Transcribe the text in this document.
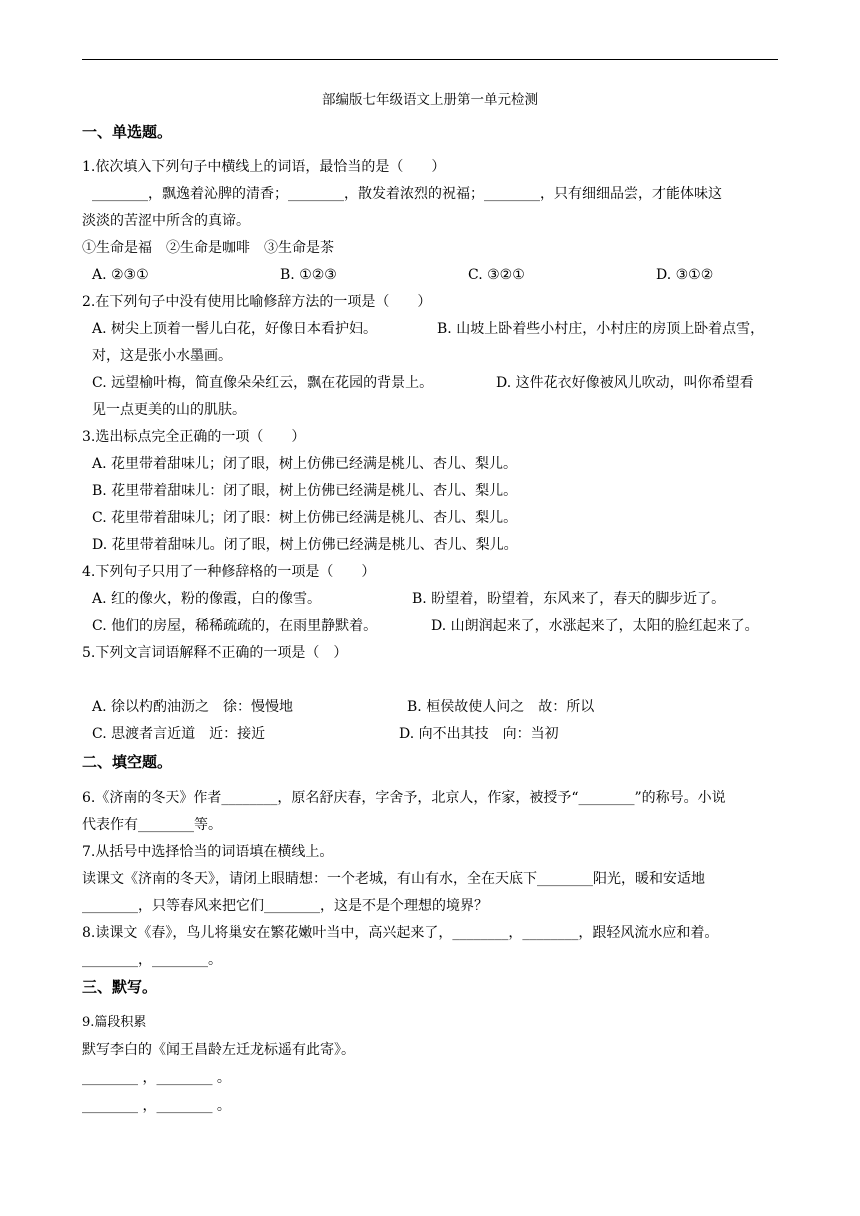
部编版七年级语文上册第一单元检测
一、单选题。
1.依次填入下列句子中横线上的词语，最恰当的是（　　）
________，飘逸着沁脾的清香；________，散发着浓烈的祝福；________，只有细细品尝，才能体味这
淡淡的苦涩中所含的真谛。
①生命是福　②生命是咖啡　③生命是茶
A. ②③①	B. ①②③	C. ③②①	D. ③①②
2.在下列句子中没有使用比喻修辞方法的一项是（　　）
A. 树尖上顶着一髻儿白花，好像日本看护妇。	B. 山坡上卧着些小村庄，小村庄的房顶上卧着点雪，
对，这是张小水墨画。
C. 远望榆叶梅，简直像朵朵红云，飘在花园的背景上。	D. 这件花衣好像被风儿吹动，叫你希望看
见一点更美的山的肌肤。
3.选出标点完全正确的一项（　　）
A. 花里带着甜味儿；闭了眼，树上仿佛已经满是桃儿、杏儿、梨儿。
B. 花里带着甜味儿：闭了眼，树上仿佛已经满是桃儿、杏儿、梨儿。
C. 花里带着甜味儿；闭了眼：树上仿佛已经满是桃儿、杏儿、梨儿。
D. 花里带着甜味儿。闭了眼，树上仿佛已经满是桃儿、杏儿、梨儿。
4.下列句子只用了一种修辞格的一项是（　　）
A. 红的像火，粉的像霞，白的像雪。	B. 盼望着，盼望着，东风来了，春天的脚步近了。
C. 他们的房屋，稀稀疏疏的，在雨里静默着。	D. 山朗润起来了，水涨起来了，太阳的脸红起来了。
5.下列文言词语解释不正确的一项是（　）
A. 徐以杓酌油沥之　徐：慢慢地	B. 桓侯故使人问之　故：所以
C. 思渡者言近道　近：接近	D. 向不出其技　向：当初
二、填空题。
6.《济南的冬天》作者________，原名舒庆春，字舍予，北京人，作家，被授予“________”的称号。小说
代表作有________等。
7.从括号中选择恰当的词语填在横线上。
读课文《济南的冬天》，请闭上眼睛想：一个老城，有山有水，全在天底下________阳光，暖和安适地
________，只等春风来把它们________，这是不是个理想的境界？
8.读课文《春》，鸟儿将巢安在繁花嫩叶当中，高兴起来了，________，________，跟轻风流水应和着。
________，________。
三、默写。
9.篇段积累
默写李白的《闻王昌龄左迁龙标遥有此寄》。
________ ，________ 。
________ ，________ 。
